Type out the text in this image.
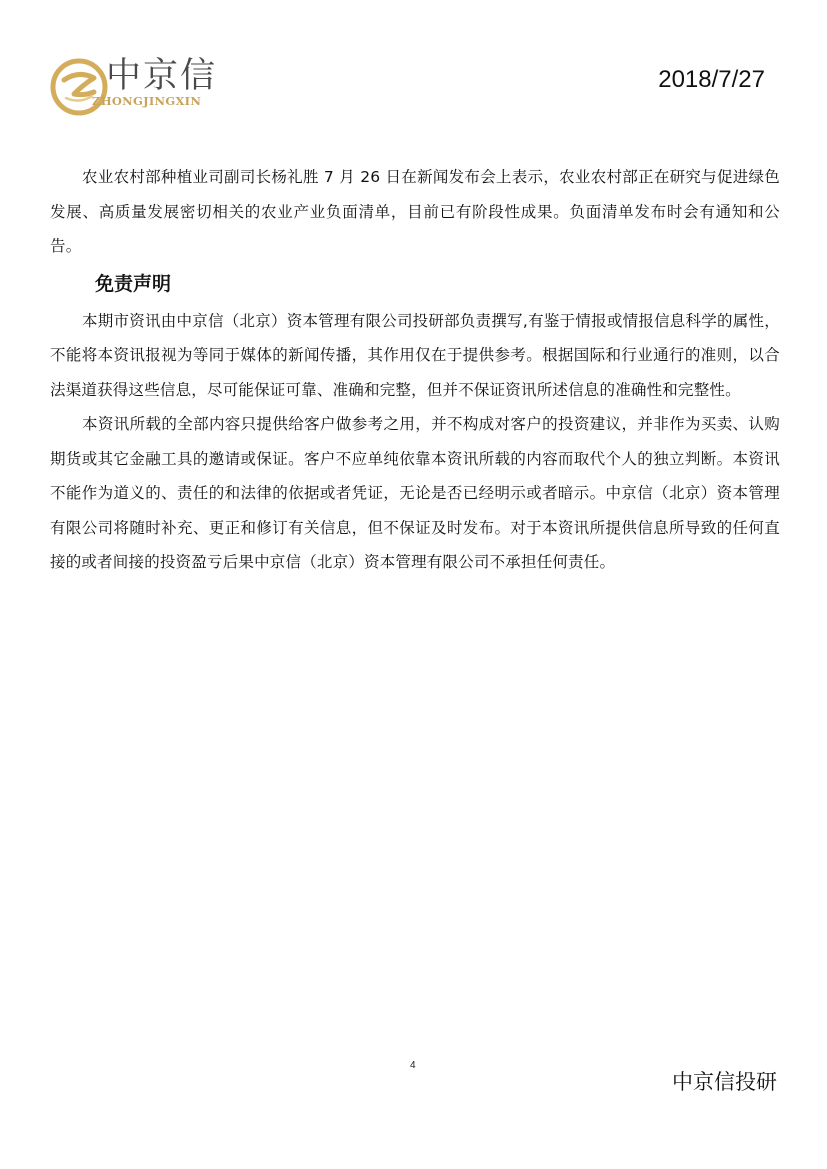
中京信
ZHONGJINGXIN
2018/7/27

农业农村部种植业司副司长杨礼胜 7 月 26 日在新闻发布会上表示，农业农村部正在研究与促进绿色发展、高质量发展密切相关的农业产业负面清单，目前已有阶段性成果。负面清单发布时会有通知和公告。

免责声明

本期市资讯由中京信（北京）资本管理有限公司投研部负责撰写,有鉴于情报或情报信息科学的属性，不能将本资讯报视为等同于媒体的新闻传播，其作用仅在于提供参考。根据国际和行业通行的准则，以合法渠道获得这些信息，尽可能保证可靠、准确和完整，但并不保证资讯所述信息的准确性和完整性。

本资讯所载的全部内容只提供给客户做参考之用，并不构成对客户的投资建议，并非作为买卖、认购期货或其它金融工具的邀请或保证。客户不应单纯依靠本资讯所载的内容而取代个人的独立判断。本资讯不能作为道义的、责任的和法律的依据或者凭证，无论是否已经明示或者暗示。中京信（北京）资本管理有限公司将随时补充、更正和修订有关信息，但不保证及时发布。对于本资讯所提供信息所导致的任何直接的或者间接的投资盈亏后果中京信（北京）资本管理有限公司不承担任何责任。

4
中京信投研
